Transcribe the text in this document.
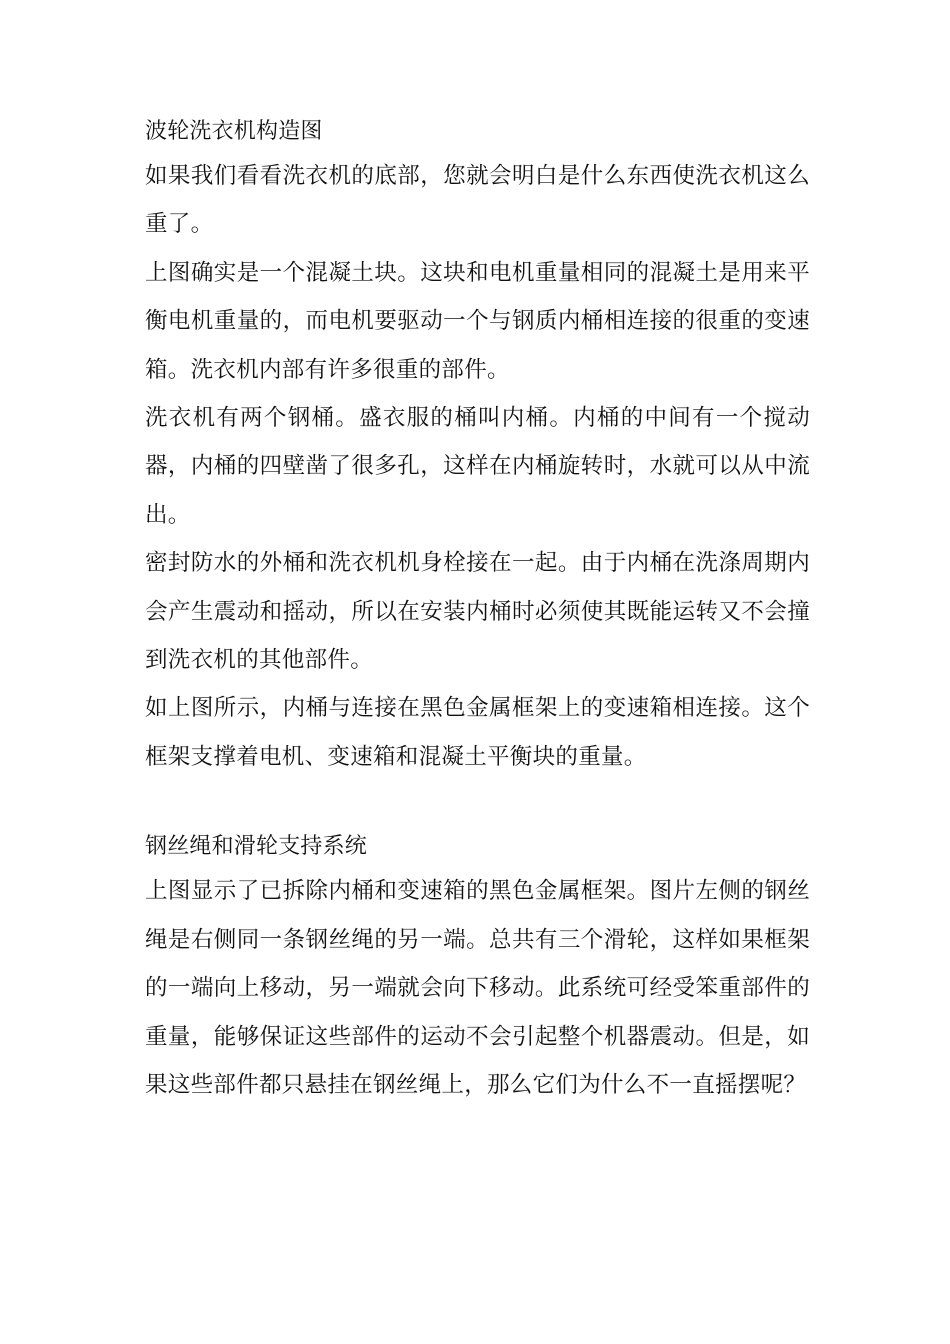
波轮洗衣机构造图

如果我们看看洗衣机的底部，您就会明白是什么东西使洗衣机这么重了。

上图确实是一个混凝土块。这块和电机重量相同的混凝土是用来平衡电机重量的，而电机要驱动一个与钢质内桶相连接的很重的变速箱。洗衣机内部有许多很重的部件。

洗衣机有两个钢桶。盛衣服的桶叫内桶。内桶的中间有一个搅动器，内桶的四壁凿了很多孔，这样在内桶旋转时，水就可以从中流出。

密封防水的外桶和洗衣机机身栓接在一起。由于内桶在洗涤周期内会产生震动和摇动，所以在安装内桶时必须使其既能运转又不会撞到洗衣机的其他部件。

如上图所示，内桶与连接在黑色金属框架上的变速箱相连接。这个框架支撑着电机、变速箱和混凝土平衡块的重量。

钢丝绳和滑轮支持系统

上图显示了已拆除内桶和变速箱的黑色金属框架。图片左侧的钢丝绳是右侧同一条钢丝绳的另一端。总共有三个滑轮，这样如果框架的一端向上移动，另一端就会向下移动。此系统可经受笨重部件的重量，能够保证这些部件的运动不会引起整个机器震动。但是，如果这些部件都只悬挂在钢丝绳上，那么它们为什么不一直摇摆呢？
